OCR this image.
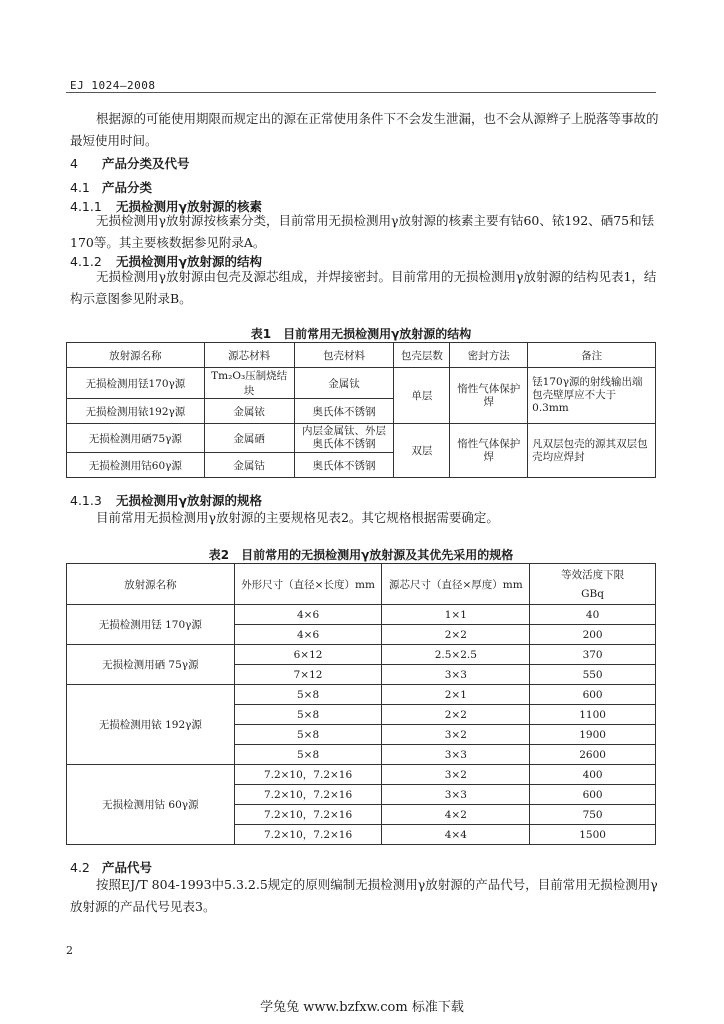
EJ 1024—2008
根据源的可能使用期限而规定出的源在正常使用条件下不会发生泄漏，也不会从源辫子上脱落等事故的最短使用时间。
4 产品分类及代号
4.1 产品分类
4.1.1 无损检测用γ放射源的核素
无损检测用γ放射源按核素分类，目前常用无损检测用γ放射源的核素主要有钴60、铱192、硒75和铥170等。其主要核数据参见附录A。
4.1.2 无损检测用γ放射源的结构
无损检测用γ放射源由包壳及源芯组成，并焊接密封。目前常用的无损检测用γ放射源的结构见表1，结构示意图参见附录B。
表1　目前常用无损检测用γ放射源的结构
放射源名称	源芯材料	包壳材料	包壳层数	密封方法	备注
无损检测用铥170γ源	Tm₂O₃压制烧结块	金属钛	单层	惰性气体保护焊	铥170γ源的射线输出端包壳壁厚应不大于0.3mm
无损检测用铱192γ源	金属铱	奥氏体不锈钢			
无损检测用硒75γ源	金属硒	内层金属钛、外层奥氏体不锈钢	双层	惰性气体保护焊	凡双层包壳的源其双层包壳均应焊封
无损检测用钴60γ源	金属钴	奥氏体不锈钢			
4.1.3 无损检测用γ放射源的规格
目前常用无损检测用γ放射源的主要规格见表2。其它规格根据需要确定。
表2　目前常用的无损检测用γ放射源及其优先采用的规格
放射源名称	外形尺寸（直径×长度）mm	源芯尺寸（直径×厚度）mm	等效活度下限
			GBq
无损检测用铥 170γ源	4×6	1×1	40
	4×6	2×2	200
无损检测用硒 75γ源	6×12	2.5×2.5	370
	7×12	3×3	550
无损检测用铱 192γ源	5×8	2×1	600
	5×8	2×2	1100
	5×8	3×2	1900
	5×8	3×3	2600
无损检测用钴 60γ源	7.2×10，7.2×16	3×2	400
	7.2×10，7.2×16	3×3	600
	7.2×10，7.2×16	4×2	750
	7.2×10，7.2×16	4×4	1500
4.2 产品代号
按照EJ/T 804-1993中5.3.2.5规定的原则编制无损检测用γ放射源的产品代号，目前常用无损检测用γ放射源的产品代号见表3。
2
学兔兔 www.bzfxw.com 标准下载
